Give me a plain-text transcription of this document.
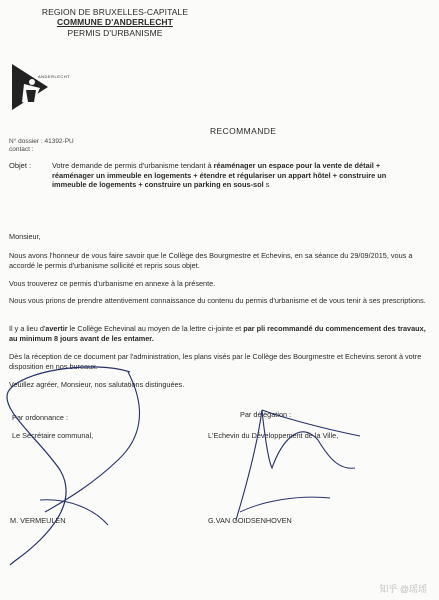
REGION DE BRUXELLES-CAPITALE
COMMUNE D'ANDERLECHT
PERMIS D'URBANISME
ANDERLECHT
RECOMMANDE
N° dossier : 41392-PU
contact :
Objet :	Votre demande de permis d'urbanisme tendant à réaménager un espace pour la vente de détail + réaménager un immeuble en logements + étendre et régulariser un appart hôtel + construire un immeuble de logements + construire un parking en sous-sol s
Monsieur,
Nous avons l'honneur de vous faire savoir que le Collège des Bourgmestre et Echevins, en sa séance du 29/09/2015, vous a accordé le permis d'urbanisme sollicité et repris sous objet.
Vous trouverez ce permis d'urbanisme en annexe à la présente.
Nous vous prions de prendre attentivement connaissance du contenu du permis d'urbanisme et de vous tenir à ses prescriptions.
Il y a lieu d'avertir le Collège Echevinal au moyen de la lettre ci-jointe et par pli recommandé du commencement des travaux, au minimum 8 jours avant de les entamer.
Dès la réception de ce document par l'administration, les plans visés par le Collège des Bourgmestre et Echevins seront à votre disposition en nos bureaux.
Veuillez agréer, Monsieur, nos salutations distinguées.
Par ordonnance :
Le Secrétaire communal,
Par délégation :
L'Echevin du Développement de la Ville,
M. VERMEULEN	G.VAN GOIDSENHOVEN
知乎 @瑶瑶
